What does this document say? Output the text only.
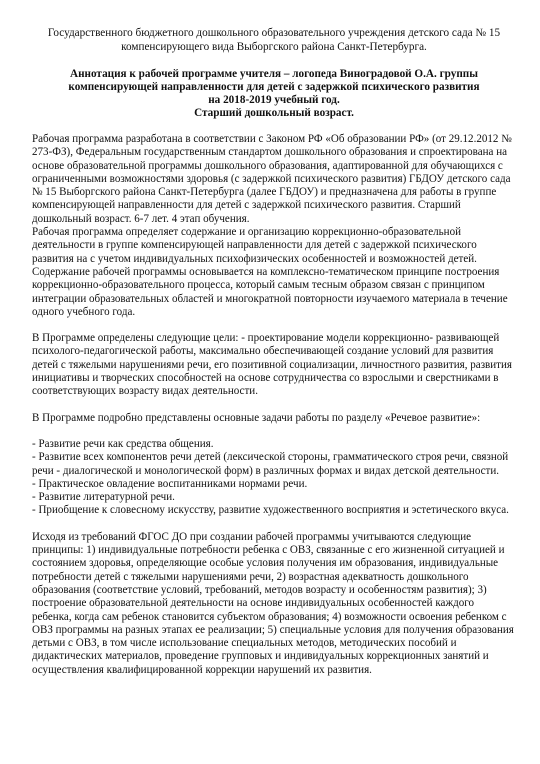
Государственного бюджетного дошкольного образовательного учреждения детского сада № 15
компенсирующего вида Выборгского района Санкт-Петербурга.
Аннотация к рабочей программе учителя – логопеда Виноградовой О.А. группы
компенсирующей направленности для детей с задержкой психического развития
на 2018-2019 учебный год.
Старший дошкольный возраст.

Рабочая программа разработана в соответствии с Законом РФ «Об образовании РФ» (от 29.12.2012 № 273-ФЗ), Федеральным государственным стандартом дошкольного образования и спроектирована на основе образовательной программы дошкольного образования, адаптированной для обучающихся с ограниченными возможностями здоровья (с задержкой психического развития) ГБДОУ детского сада № 15 Выборгского района Санкт-Петербурга (далее ГБДОУ) и предназначена для работы в группе компенсирующей направленности для детей с задержкой психического развития. Старший дошкольный возраст. 6-7 лет. 4 этап обучения.

Рабочая программа определяет содержание и организацию коррекционно-образовательной деятельности в группе компенсирующей направленности для детей с задержкой психического развития на с учетом индивидуальных психофизических особенностей и возможностей детей.

Содержание рабочей программы основывается на комплексно-тематическом принципе построения коррекционно-образовательного процесса, который самым тесным образом связан с принципом интеграции образовательных областей и многократной повторности изучаемого материала в течение одного учебного года.

В Программе определены следующие цели: - проектирование модели коррекционно- развивающей психолого-педагогической работы, максимально обеспечивающей создание условий для развития детей с тяжелыми нарушениями речи, его позитивной социализации, личностного развития, развития инициативы и творческих способностей на основе сотрудничества со взрослыми и сверстниками в соответствующих возрасту видах деятельности.

В Программе подробно представлены основные задачи работы по разделу «Речевое развитие»:

- Развитие речи как средства общения.

- Развитие всех компонентов речи детей (лексической стороны, грамматического строя речи, связной речи - диалогической и монологической форм) в различных формах и видах детской деятельности.

- Практическое овладение воспитанниками нормами речи.

- Развитие литературной речи.

- Приобщение к словесному искусству, развитие художественного восприятия и эстетического вкуса.

Исходя из требований ФГОС ДО при создании рабочей программы учитываются следующие принципы: 1) индивидуальные потребности ребенка с ОВЗ, связанные с его жизненной ситуацией и состоянием здоровья, определяющие особые условия получения им образования, индивидуальные потребности детей с тяжелыми нарушениями речи, 2) возрастная адекватность дошкольного образования (соответствие условий, требований, методов возрасту и особенностям развития); 3) построение образовательной деятельности на основе индивидуальных особенностей каждого ребенка, когда сам ребенок становится субъектом образования; 4) возможности освоения ребенком с ОВЗ программы на разных этапах ее реализации; 5) специальные условия для получения образования детьми с ОВЗ, в том числе использование специальных методов, методических пособий и дидактических материалов, проведение групповых и индивидуальных коррекционных занятий и осуществления квалифицированной коррекции нарушений их развития.
